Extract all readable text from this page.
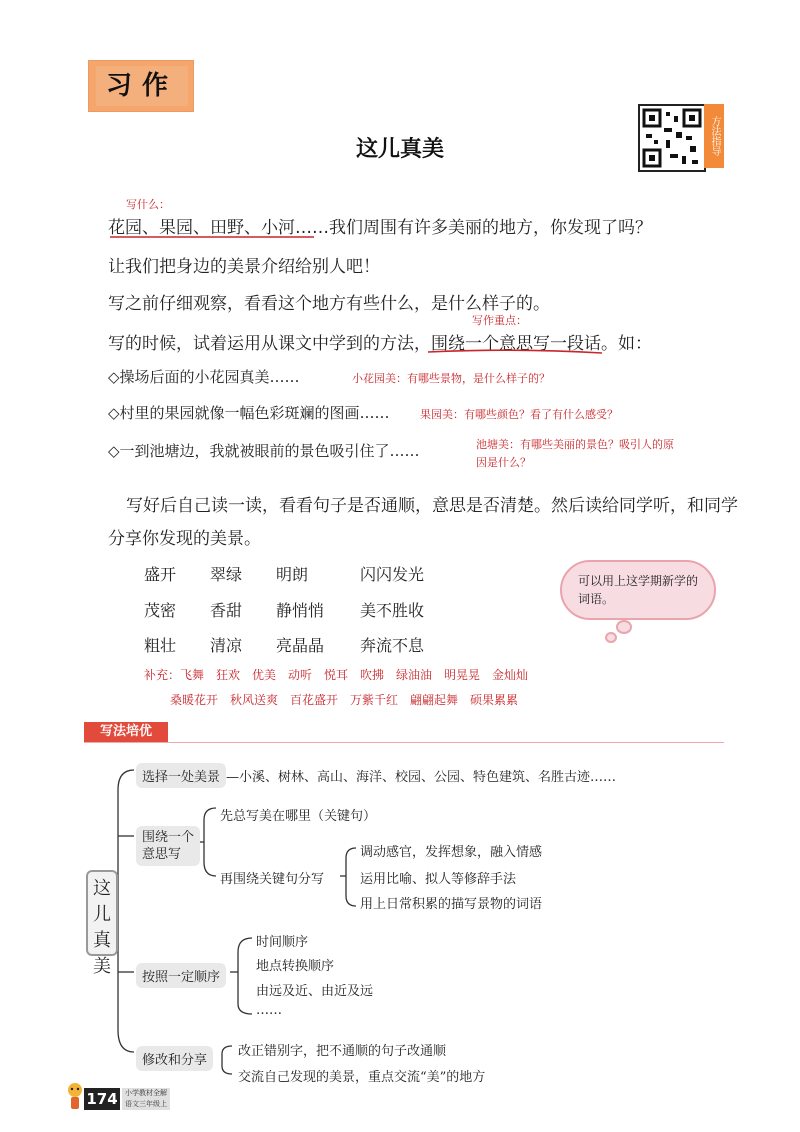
习作
这儿真美	方法指导
写什么：
花园、果园、田野、小河……我们周围有许多美丽的地方，你发现了吗？
让我们把身边的美景介绍给别人吧！
写之前仔细观察，看看这个地方有些什么，是什么样子的。
写作重点：
写的时候，试着运用从课文中学到的方法，围绕一个意思写一段话。如：
◇操场后面的小花园真美……	小花园美：有哪些景物，是什么样子的？
◇村里的果园就像一幅色彩斑斓的图画……	果园美：有哪些颜色？看了有什么感受？
◇一到池塘边，我就被眼前的景色吸引住了……	池塘美：有哪些美丽的景色？吸引人的原
因是什么？
写好后自己读一读，看看句子是否通顺，意思是否清楚。然后读给同学听，和同学
分享你发现的美景。
盛开 翠绿 明朗	闪闪发光
茂密 香甜 静悄悄 美不胜收
粗壮 清凉 亮晶晶 奔流不息
可以用上这学期新学的词语。
补充：飞舞　狂欢　优美　动听　悦耳　吹拂　绿油油　明晃晃　金灿灿
桑暖花开　秋风送爽　百花盛开　万紫千红　翩翩起舞　硕果累累
写法培优
这儿真美
选择一处美景 —小溪、树林、高山、海洋、校园、公园、特色建筑、名胜古迹……
围绕一个意思写
先总写美在哪里（关键句）
再围绕关键句分写
调动感官，发挥想象，融入情感
运用比喻、拟人等修辞手法
用上日常积累的描写景物的词语
按照一定顺序
时间顺序
地点转换顺序
由远及近、由近及远
……
修改和分享
改正错别字，把不通顺的句子改通顺
交流自己发现的美景，重点交流“美”的地方
174	小学教材全解 语文三年级上
